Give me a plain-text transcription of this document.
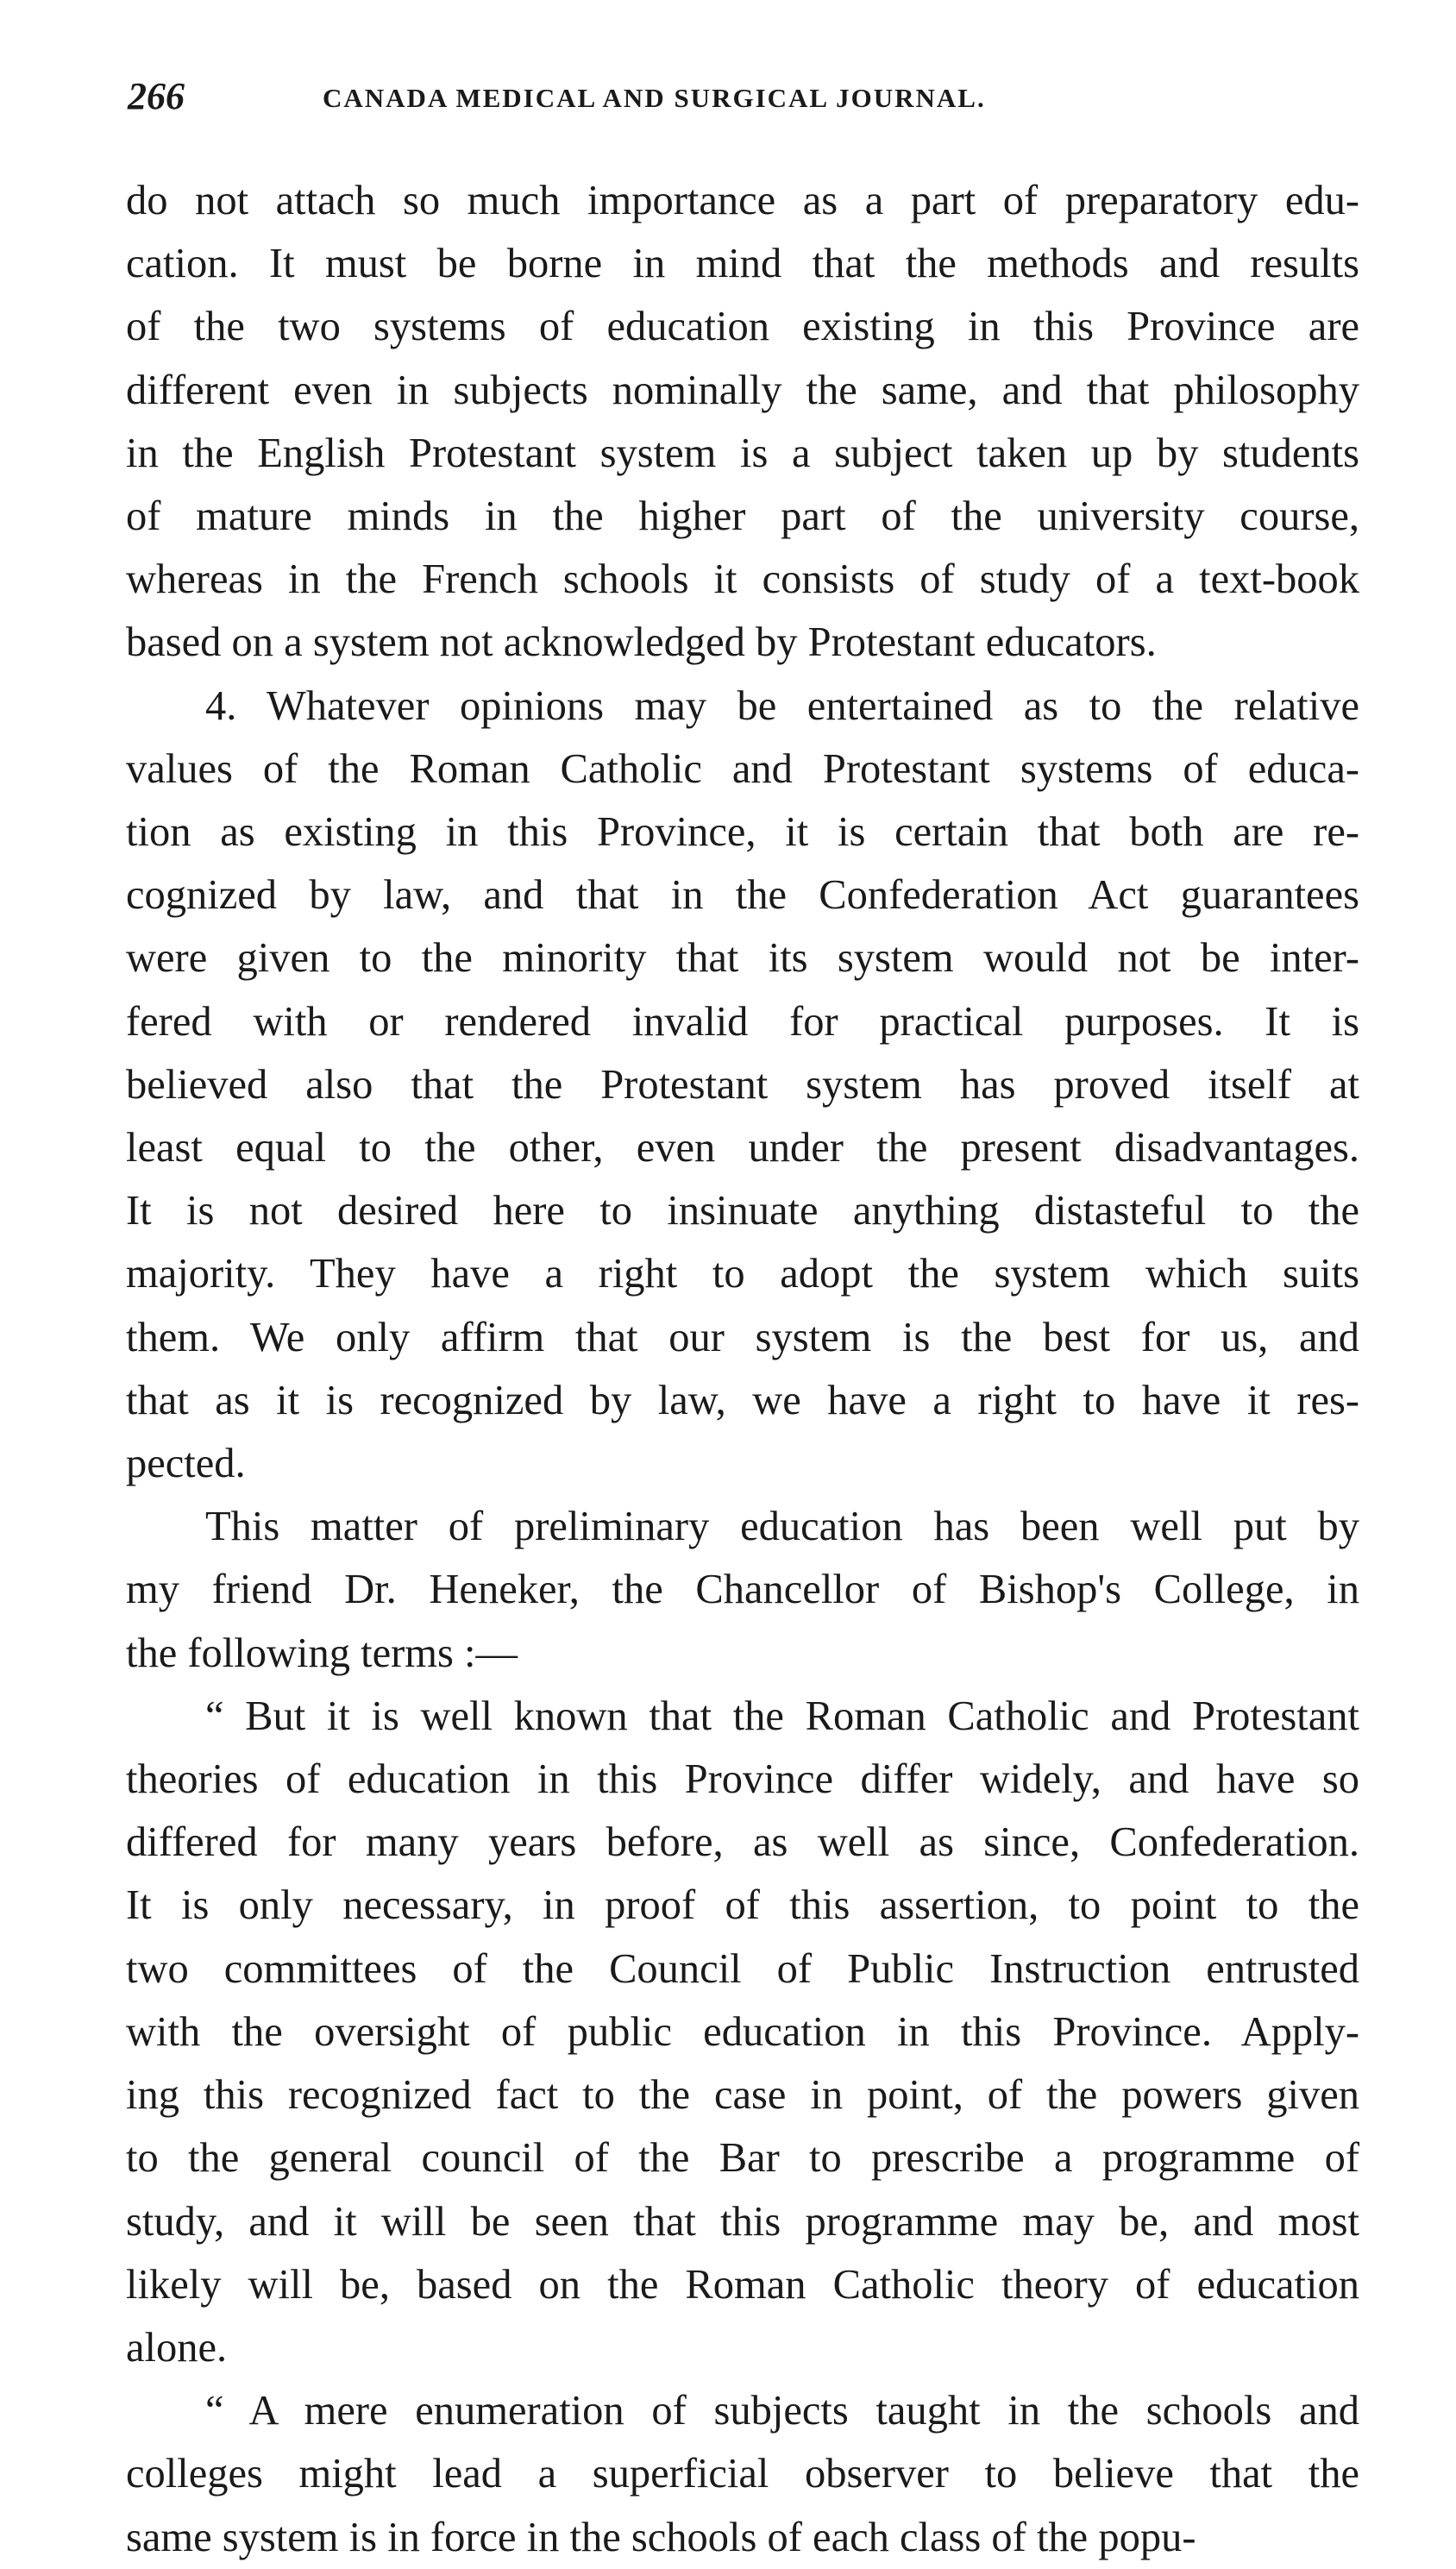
266	CANADA MEDICAL AND SURGICAL JOURNAL.

do not attach so much importance as a part of preparatory edu-
cation. It must be borne in mind that the methods and results
of the two systems of education existing in this Province are
different even in subjects nominally the same, and that philosophy
in the English Protestant system is a subject taken up by students
of mature minds in the higher part of the university course,
whereas in the French schools it consists of study of a text-book
based on a system not acknowledged by Protestant educators.

4. Whatever opinions may be entertained as to the relative
values of the Roman Catholic and Protestant systems of educa-
tion as existing in this Province, it is certain that both are re-
cognized by law, and that in the Confederation Act guarantees
were given to the minority that its system would not be inter-
fered with or rendered invalid for practical purposes. It is
believed also that the Protestant system has proved itself at
least equal to the other, even under the present disadvantages.
It is not desired here to insinuate anything distasteful to the
majority. They have a right to adopt the system which suits
them. We only affirm that our system is the best for us, and
that as it is recognized by law, we have a right to have it res-
pected.

This matter of preliminary education has been well put by
my friend Dr. Heneker, the Chancellor of Bishop's College, in
the following terms :—

“ But it is well known that the Roman Catholic and Protestant
theories of education in this Province differ widely, and have so
differed for many years before, as well as since, Confederation.
It is only necessary, in proof of this assertion, to point to the
two committees of the Council of Public Instruction entrusted
with the oversight of public education in this Province. Apply-
ing this recognized fact to the case in point, of the powers given
to the general council of the Bar to prescribe a programme of
study, and it will be seen that this programme may be, and most
likely will be, based on the Roman Catholic theory of education
alone.

“ A mere enumeration of subjects taught in the schools and
colleges might lead a superficial observer to believe that the
same system is in force in the schools of each class of the popu-
